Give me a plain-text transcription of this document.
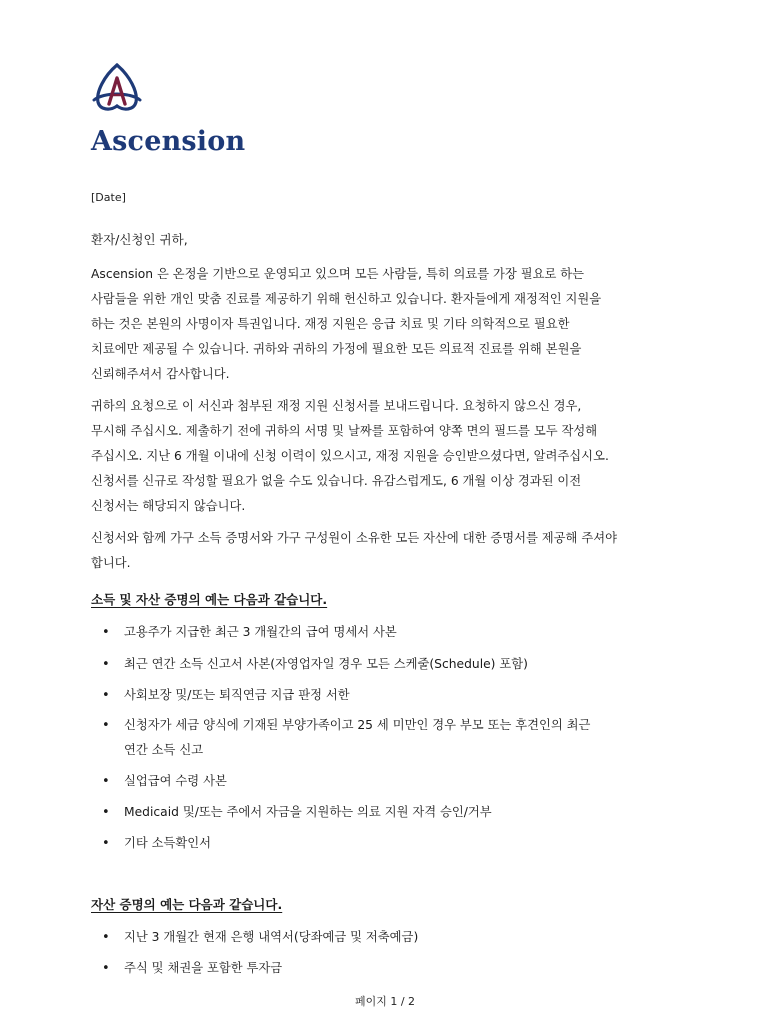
Ascension
[Date]
환자/신청인 귀하,
Ascension 은 온정을 기반으로 운영되고 있으며 모든 사람들, 특히 의료를 가장 필요로 하는
사람들을 위한 개인 맞춤 진료를 제공하기 위해 헌신하고 있습니다. 환자들에게 재정적인 지원을
하는 것은 본원의 사명이자 특권입니다. 재정 지원은 응급 치료 및 기타 의학적으로 필요한
치료에만 제공될 수 있습니다. 귀하와 귀하의 가정에 필요한 모든 의료적 진료를 위해 본원을
신뢰해주셔서 감사합니다.
귀하의 요청으로 이 서신과 첨부된 재정 지원 신청서를 보내드립니다. 요청하지 않으신 경우,
무시해 주십시오. 제출하기 전에 귀하의 서명 및 날짜를 포함하여 양쪽 면의 필드를 모두 작성해
주십시오. 지난 6 개월 이내에 신청 이력이 있으시고, 재정 지원을 승인받으셨다면, 알려주십시오.
신청서를 신규로 작성할 필요가 없을 수도 있습니다. 유감스럽게도, 6 개월 이상 경과된 이전
신청서는 해당되지 않습니다.
신청서와 함께 가구 소득 증명서와 가구 구성원이 소유한 모든 자산에 대한 증명서를 제공해 주셔야
합니다.
소득 및 자산 증명의 예는 다음과 같습니다.
• 고용주가 지급한 최근 3 개월간의 급여 명세서 사본
• 최근 연간 소득 신고서 사본(자영업자일 경우 모든 스케줄(Schedule) 포함)
• 사회보장 및/또는 퇴직연금 지급 판정 서한
• 신청자가 세금 양식에 기재된 부양가족이고 25 세 미만인 경우 부모 또는 후견인의 최근
연간 소득 신고
• 실업급여 수령 사본
• Medicaid 및/또는 주에서 자금을 지원하는 의료 지원 자격 승인/거부
• 기타 소득확인서
자산 증명의 예는 다음과 같습니다.
• 지난 3 개월간 현재 은행 내역서(당좌예금 및 저축예금)
• 주식 및 채권을 포함한 투자금
페이지 1 / 2
